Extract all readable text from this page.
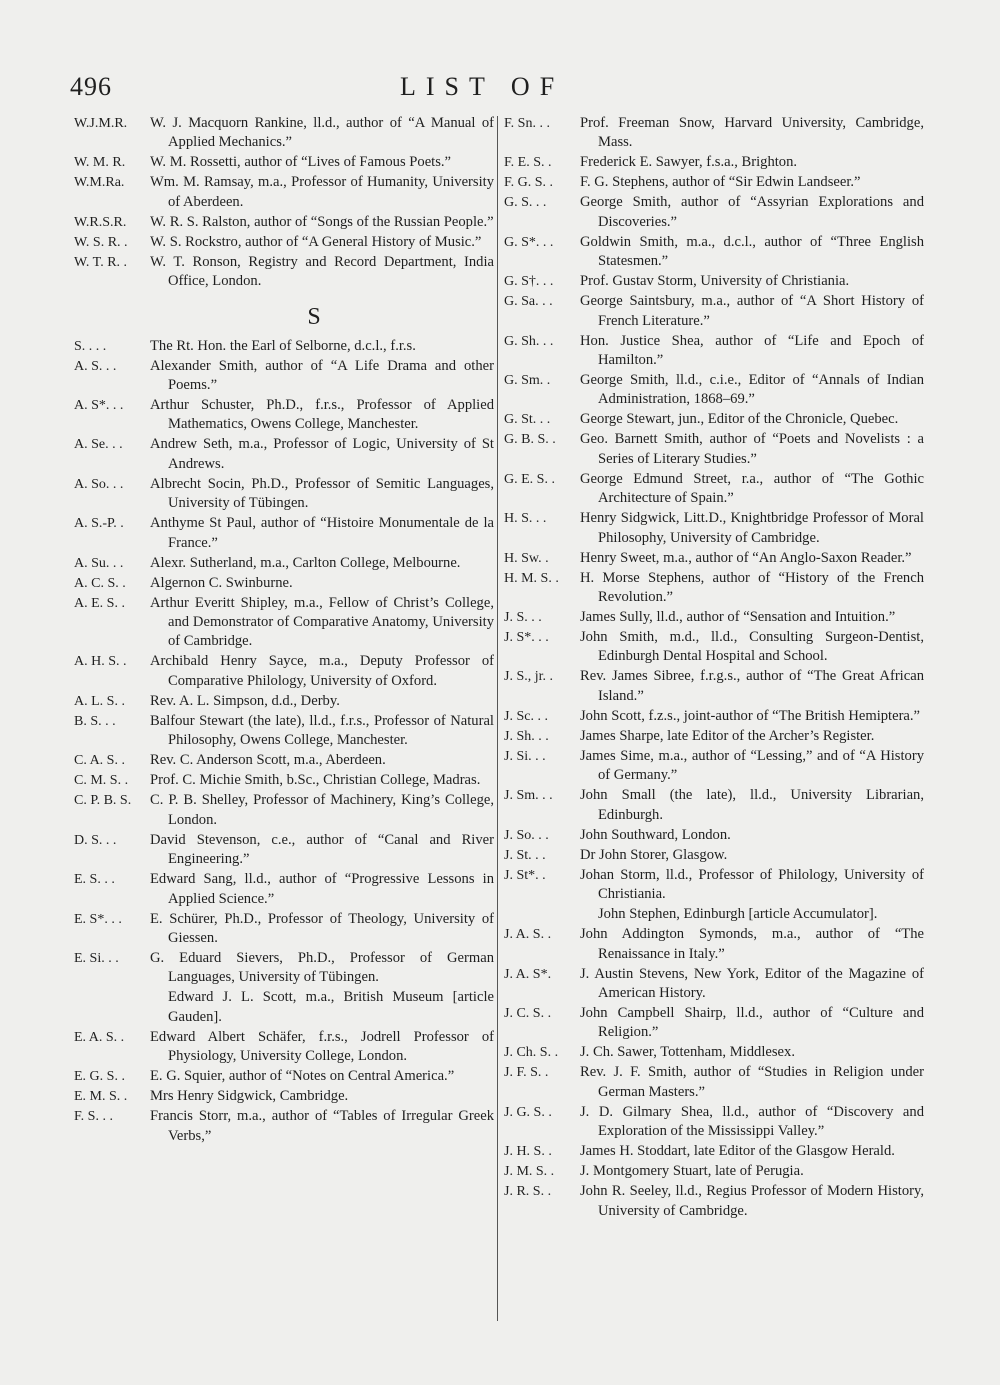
496	LIST OF
W.J.M.R.	W. J. Macquorn Rankine, ll.d., author of “A Manual of Applied Mechanics.”
W. M. R.	W. M. Rossetti, author of “Lives of Famous Poets.”
W.M.Ra.	Wm. M. Ramsay, m.a., Professor of Humanity, University of Aberdeen.
W.R.S.R.	W. R. S. Ralston, author of “Songs of the Russian People.”
W. S. R. .	W. S. Rockstro, author of “A General History of Music.”
W. T. R. .	W. T. Ronson, Registry and Record Department, India Office, London.
S
S. . . .	The Rt. Hon. the Earl of Selborne, d.c.l., f.r.s.
A. S. . .	Alexander Smith, author of “A Life Drama and other Poems.”
A. S*. . .	Arthur Schuster, Ph.D., f.r.s., Professor of Applied Mathematics, Owens College, Manchester.
A. Se. . .	Andrew Seth, m.a., Professor of Logic, University of St Andrews.
A. So. . .	Albrecht Socin, Ph.D., Professor of Semitic Languages, University of Tübingen.
A. S.-P. .	Anthyme St Paul, author of “Histoire Monumentale de la France.”
A. Su. . .	Alexr. Sutherland, m.a., Carlton College, Melbourne.
A. C. S. .	Algernon C. Swinburne.
A. E. S. .	Arthur Everitt Shipley, m.a., Fellow of Christ’s College, and Demonstrator of Comparative Anatomy, University of Cambridge.
A. H. S. .	Archibald Henry Sayce, m.a., Deputy Professor of Comparative Philology, University of Oxford.
A. L. S. .	Rev. A. L. Simpson, d.d., Derby.
B. S. . .	Balfour Stewart (the late), ll.d., f.r.s., Professor of Natural Philosophy, Owens College, Manchester.
C. A. S. .	Rev. C. Anderson Scott, m.a., Aberdeen.
C. M. S. .	Prof. C. Michie Smith, b.Sc., Christian College, Madras.
C. P. B. S.	C. P. B. Shelley, Professor of Machinery, King’s College, London.
D. S. . .	David Stevenson, c.e., author of “Canal and River Engineering.”
E. S. . .	Edward Sang, ll.d., author of “Progressive Lessons in Applied Science.”
E. S*. . .	E. Schürer, Ph.D., Professor of Theology, University of Giessen.
E. Si. . .	G. Eduard Sievers, Ph.D., Professor of German Languages, University of Tübingen.
Edward J. L. Scott, m.a., British Museum [article Gauden].
E. A. S. .	Edward Albert Schäfer, f.r.s., Jodrell Professor of Physiology, University College, London.
E. G. S. .	E. G. Squier, author of “Notes on Central America.”
E. M. S. .	Mrs Henry Sidgwick, Cambridge.
F. S. . .	Francis Storr, m.a., author of “Tables of Irregular Greek Verbs,”
F. Sn. . .	Prof. Freeman Snow, Harvard University, Cambridge, Mass.
F. E. S. .	Frederick E. Sawyer, f.s.a., Brighton.
F. G. S. .	F. G. Stephens, author of “Sir Edwin Landseer.”
G. S. . .	George Smith, author of “Assyrian Explorations and Discoveries.”
G. S*. . .	Goldwin Smith, m.a., d.c.l., author of “Three English Statesmen.”
G. S†. . .	Prof. Gustav Storm, University of Christiania.
G. Sa. . .	George Saintsbury, m.a., author of “A Short History of French Literature.”
G. Sh. . .	Hon. Justice Shea, author of “Life and Epoch of Hamilton.”
G. Sm. .	George Smith, ll.d., c.i.e., Editor of “Annals of Indian Administration, 1868–69.”
G. St. . .	George Stewart, jun., Editor of the Chronicle, Quebec.
G. B. S. .	Geo. Barnett Smith, author of “Poets and Novelists : a Series of Literary Studies.”
G. E. S. .	George Edmund Street, r.a., author of “The Gothic Architecture of Spain.”
H. S. . .	Henry Sidgwick, Litt.D., Knightbridge Professor of Moral Philosophy, University of Cambridge.
H. Sw. .	Henry Sweet, m.a., author of “An Anglo-Saxon Reader.”
H. M. S. .	H. Morse Stephens, author of “History of the French Revolution.”
J. S. . .	James Sully, ll.d., author of “Sensation and Intuition.”
J. S*. . .	John Smith, m.d., ll.d., Consulting Surgeon-Dentist, Edinburgh Dental Hospital and School.
J. S., jr. .	Rev. James Sibree, f.r.g.s., author of “The Great African Island.”
J. Sc. . .	John Scott, f.z.s., joint-author of “The British Hemiptera.”
J. Sh. . .	James Sharpe, late Editor of the Archer’s Register.
J. Si. . .	James Sime, m.a., author of “Lessing,” and of “A History of Germany.”
J. Sm. . .	John Small (the late), ll.d., University Librarian, Edinburgh.
J. So. . .	John Southward, London.
J. St. . .	Dr John Storer, Glasgow.
J. St*. .	Johan Storm, ll.d., Professor of Philology, University of Christiania.
John Stephen, Edinburgh [article Accumulator].
J. A. S. .	John Addington Symonds, m.a., author of “The Renaissance in Italy.”
J. A. S*.	J. Austin Stevens, New York, Editor of the Magazine of American History.
J. C. S. .	John Campbell Shairp, ll.d., author of “Culture and Religion.”
J. Ch. S. .	J. Ch. Sawer, Tottenham, Middlesex.
J. F. S. .	Rev. J. F. Smith, author of “Studies in Religion under German Masters.”
J. G. S. .	J. D. Gilmary Shea, ll.d., author of “Discovery and Exploration of the Mississippi Valley.”
J. H. S. .	James H. Stoddart, late Editor of the Glasgow Herald.
J. M. S. .	J. Montgomery Stuart, late of Perugia.
J. R. S. .	John R. Seeley, ll.d., Regius Professor of Modern History, University of Cambridge.
